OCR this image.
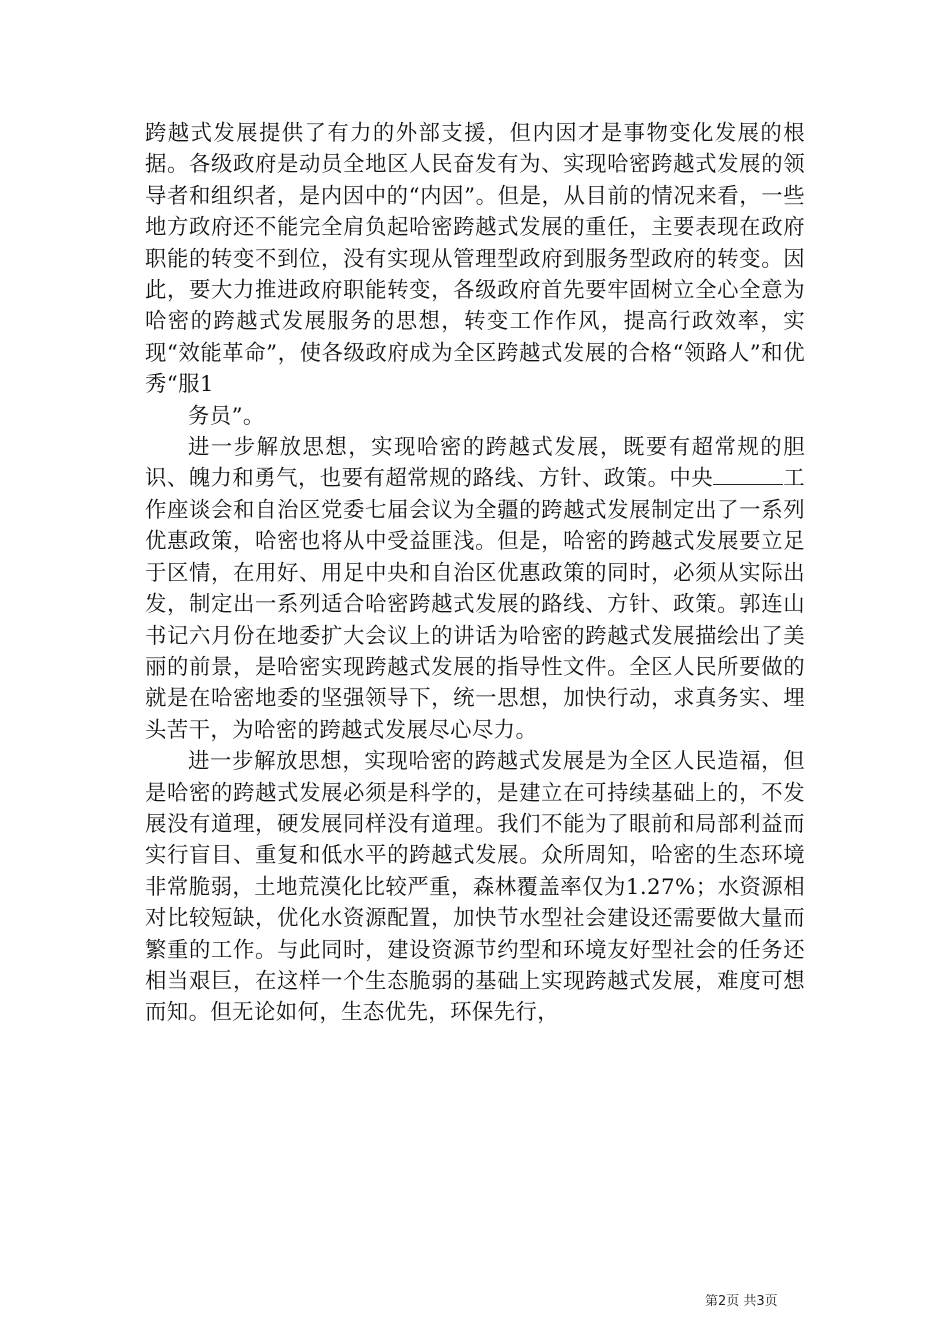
跨越式发展提供了有力的外部支援，但内因才是事物变化发展的根据。各级政府是动员全地区人民奋发有为、实现哈密跨越式发展的领导者和组织者，是内因中的“内因”。但是，从目前的情况来看，一些地方政府还不能完全肩负起哈密跨越式发展的重任，主要表现在政府职能的转变不到位，没有实现从管理型政府到服务型政府的转变。因此，要大力推进政府职能转变，各级政府首先要牢固树立全心全意为哈密的跨越式发展服务的思想，转变工作作风，提高行政效率，实现“效能革命”，使各级政府成为全区跨越式发展的合格“领路人”和优秀“服1

务员”。

进一步解放思想，实现哈密的跨越式发展，既要有超常规的胆识、魄力和勇气，也要有超常规的路线、方针、政策。中央	工作座谈会和自治区党委七届会议为全疆的跨越式发展制定出了一系列优惠政策，哈密也将从中受益匪浅。但是，哈密的跨越式发展要立足于区情，在用好、用足中央和自治区优惠政策的同时，必须从实际出发，制定出一系列适合哈密跨越式发展的路线、方针、政策。郭连山书记六月份在地委扩大会议上的讲话为哈密的跨越式发展描绘出了美丽的前景，是哈密实现跨越式发展的指导性文件。全区人民所要做的就是在哈密地委的坚强领导下，统一思想，加快行动，求真务实、埋头苦干，为哈密的跨越式发展尽心尽力。

进一步解放思想，实现哈密的跨越式发展是为全区人民造福，但是哈密的跨越式发展必须是科学的，是建立在可持续基础上的，不发展没有道理，硬发展同样没有道理。我们不能为了眼前和局部利益而实行盲目、重复和低水平的跨越式发展。众所周知，哈密的生态环境非常脆弱，土地荒漠化比较严重，森林覆盖率仅为1.27%；水资源相对比较短缺，优化水资源配置，加快节水型社会建设还需要做大量而繁重的工作。与此同时，建设资源节约型和环境友好型社会的任务还相当艰巨，在这样一个生态脆弱的基础上实现跨越式发展，难度可想而知。但无论如何，生态优先，环保先行，

第2页 共3页
